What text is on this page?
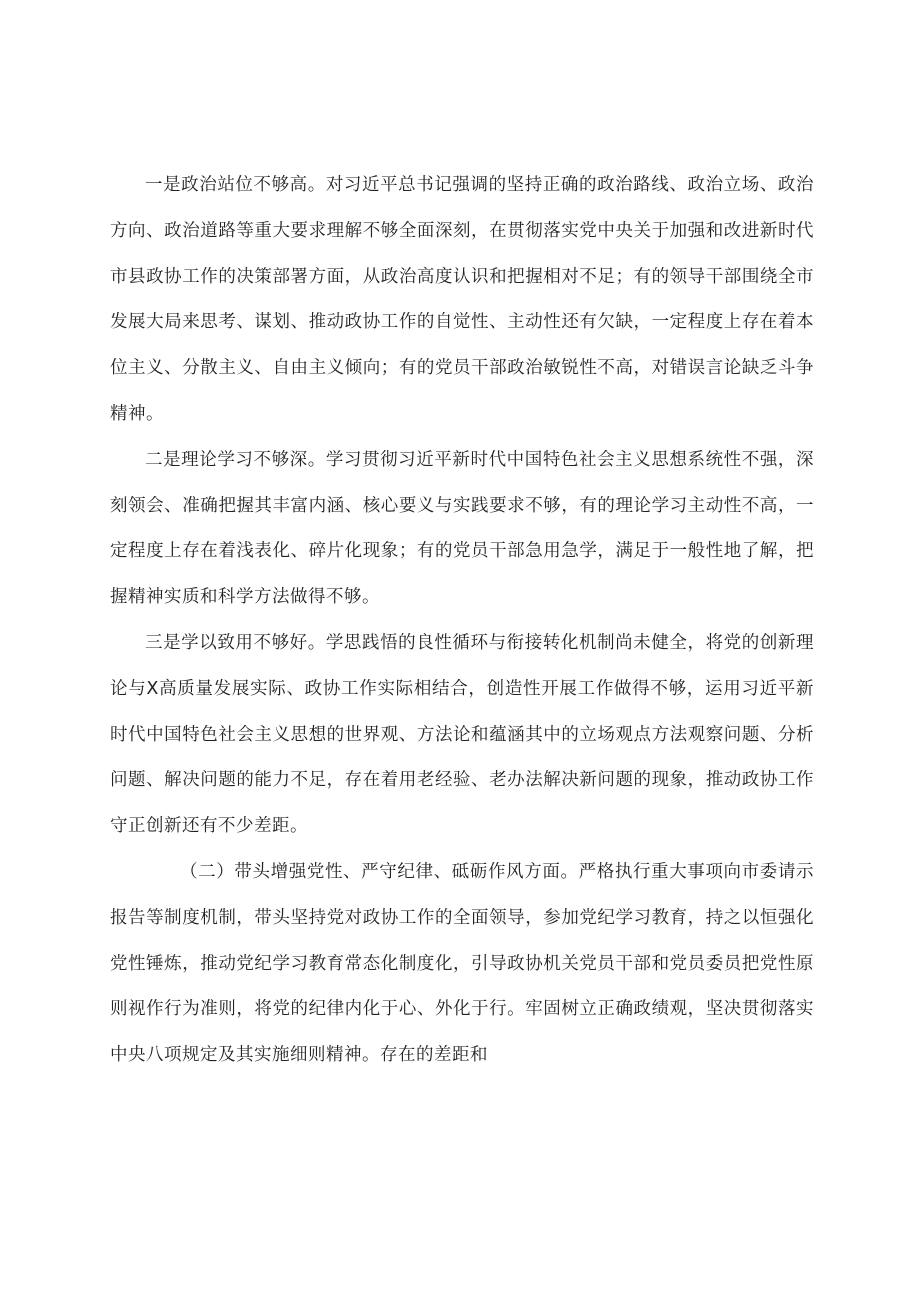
一是政治站位不够高。对习近平总书记强调的坚持正确的政治路线、政治立场、政治方向、政治道路等重大要求理解不够全面深刻，在贯彻落实党中央关于加强和改进新时代市县政协工作的决策部署方面，从政治高度认识和把握相对不足；有的领导干部围绕全市发展大局来思考、谋划、推动政协工作的自觉性、主动性还有欠缺，一定程度上存在着本位主义、分散主义、自由主义倾向；有的党员干部政治敏锐性不高，对错误言论缺乏斗争精神。

二是理论学习不够深。学习贯彻习近平新时代中国特色社会主义思想系统性不强，深刻领会、准确把握其丰富内涵、核心要义与实践要求不够，有的理论学习主动性不高，一定程度上存在着浅表化、碎片化现象；有的党员干部急用急学，满足于一般性地了解，把握精神实质和科学方法做得不够。

三是学以致用不够好。学思践悟的良性循环与衔接转化机制尚未健全，将党的创新理论与X高质量发展实际、政协工作实际相结合，创造性开展工作做得不够，运用习近平新时代中国特色社会主义思想的世界观、方法论和蕴涵其中的立场观点方法观察问题、分析问题、解决问题的能力不足，存在着用老经验、老办法解决新问题的现象，推动政协工作守正创新还有不少差距。

（二）带头增强党性、严守纪律、砥砺作风方面。严格执行重大事项向市委请示报告等制度机制，带头坚持党对政协工作的全面领导，参加党纪学习教育，持之以恒强化党性锤炼，推动党纪学习教育常态化制度化，引导政协机关党员干部和党员委员把党性原则视作行为准则，将党的纪律内化于心、外化于行。牢固树立正确政绩观，坚决贯彻落实中央八项规定及其实施细则精神。存在的差距和
